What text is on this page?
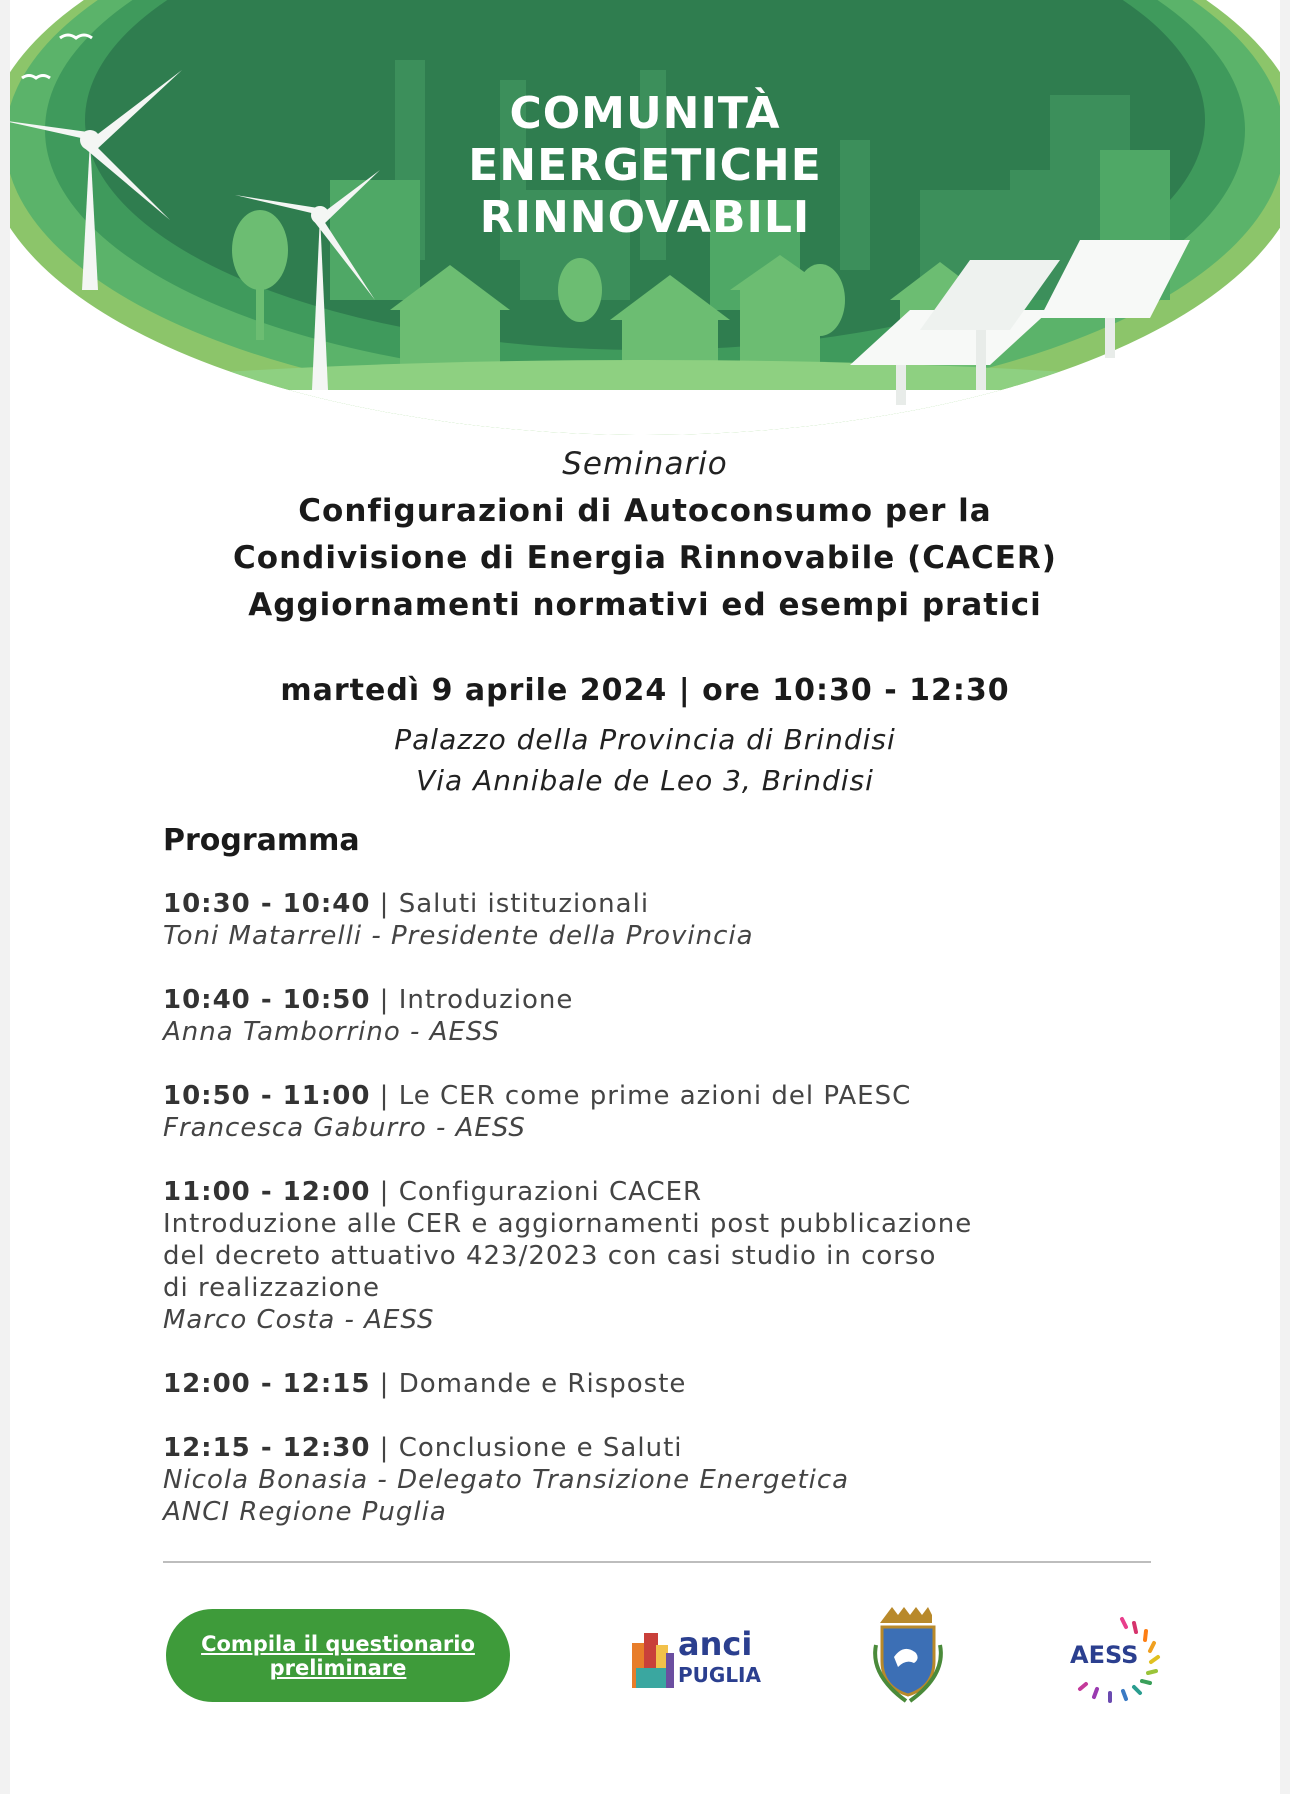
COMUNITÀ
ENERGETICHE
RINNOVABILI
Seminario
Configurazioni di Autoconsumo per la
Condivisione di Energia Rinnovabile (CACER)
Aggiornamenti normativi ed esempi pratici
martedì 9 aprile 2024 | ore 10:30 - 12:30
Palazzo della Provincia di Brindisi
Via Annibale de Leo 3, Brindisi
Programma
10:30 - 10:40 | Saluti istituzionali
Toni Matarrelli - Presidente della Provincia
10:40 - 10:50 | Introduzione
Anna Tamborrino - AESS
10:50 - 11:00 | Le CER come prime azioni del PAESC
Francesca Gaburro - AESS
11:00 - 12:00 | Configurazioni CACER
Introduzione alle CER e aggiornamenti post pubblicazione
del decreto attuativo 423/2023 con casi studio in corso
di realizzazione
Marco Costa - AESS
12:00 - 12:15 | Domande e Risposte
12:15 - 12:30 | Conclusione e Saluti
Nicola Bonasia - Delegato Transizione Energetica
ANCI Regione Puglia
Compila il questionario
preliminare
anci
PUGLIA
AESS
